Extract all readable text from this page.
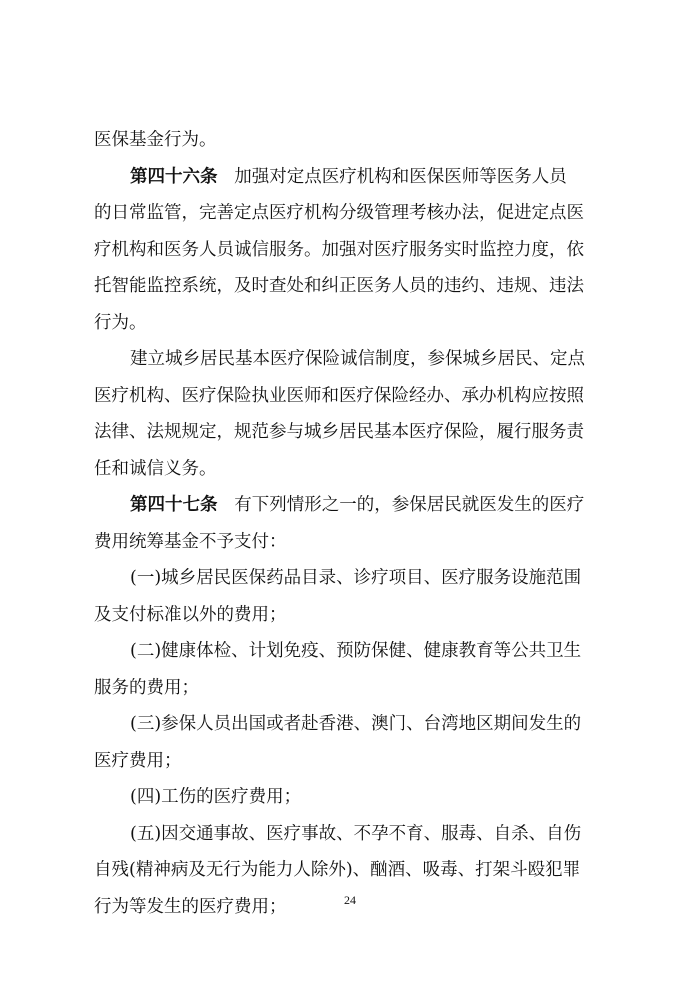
医保基金行为。
第四十六条 加强对定点医疗机构和医保医师等医务人员
的日常监管，完善定点医疗机构分级管理考核办法，促进定点医
疗机构和医务人员诚信服务。加强对医疗服务实时监控力度，依
托智能监控系统，及时查处和纠正医务人员的违约、违规、违法
行为。
建立城乡居民基本医疗保险诚信制度，参保城乡居民、定点
医疗机构、医疗保险执业医师和医疗保险经办、承办机构应按照
法律、法规规定，规范参与城乡居民基本医疗保险，履行服务责
任和诚信义务。
第四十七条 有下列情形之一的，参保居民就医发生的医疗
费用统筹基金不予支付：
(一)城乡居民医保药品目录、诊疗项目、医疗服务设施范围
及支付标准以外的费用；
(二)健康体检、计划免疫、预防保健、健康教育等公共卫生
服务的费用；
(三)参保人员出国或者赴香港、澳门、台湾地区期间发生的
医疗费用；
(四)工伤的医疗费用；
(五)因交通事故、医疗事故、不孕不育、服毒、自杀、自伤
自残(精神病及无行为能力人除外)、酗酒、吸毒、打架斗殴犯罪
行为等发生的医疗费用；	24
